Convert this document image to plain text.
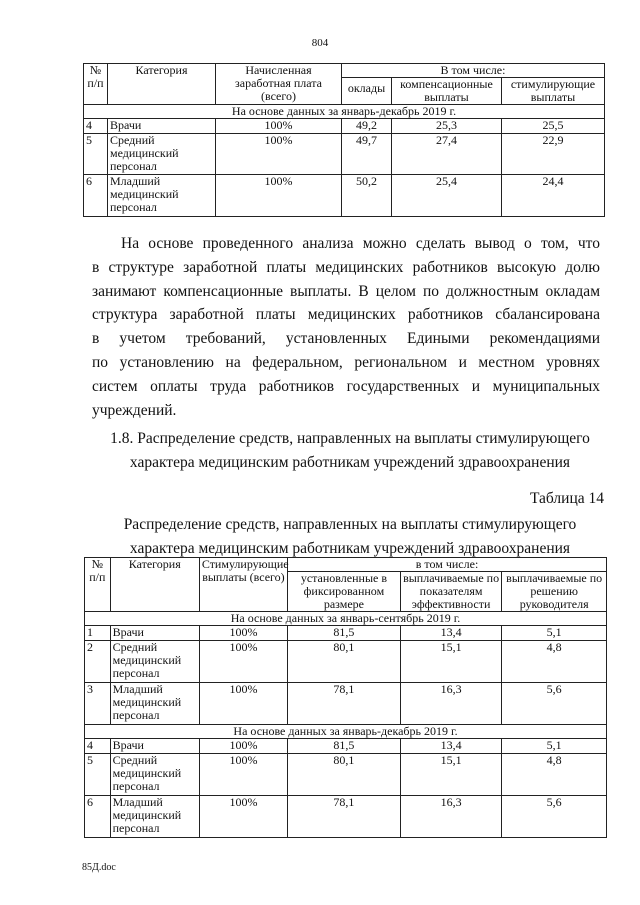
804
№ п/п	Категория	Начисленная заработная плата (всего)	В том числе:		
			оклады	компенсационные выплаты	стимулирующие выплаты
На основе данных за январь-декабрь 2019 г.					
4	Врачи	100%	49,2	25,3	25,5
5	Средний медицинский персонал	100%	49,7	27,4	22,9
6	Младший медицинский персонал	100%	50,2	25,4	24,4
На основе проведенного анализа можно сделать вывод о том, что
в структуре заработной платы медицинских работников высокую долю
занимают компенсационные выплаты. В целом по должностным окладам
структура заработной платы медицинских работников сбалансирована
в учетом требований, установленных Едиными рекомендациями
по установлению на федеральном, региональном и местном уровнях
систем оплаты труда работников государственных и муниципальных
учреждений.
1.8. Распределение средств, направленных на выплаты стимулирующего
характера медицинским работникам учреждений здравоохранения
Таблица 14
Распределение средств, направленных на выплаты стимулирующего
характера медицинским работникам учреждений здравоохранения
№ п/п	Категория	Стимулирующие выплаты (всего)	в том числе:		
			установленные в фиксированном размере	выплачиваемые по показателям эффективности	выплачиваемые по решению руководителя
На основе данных за январь-сентябрь 2019 г.					
1	Врачи	100%	81,5	13,4	5,1
2	Средний медицинский персонал	100%	80,1	15,1	4,8
3	Младший медицинский персонал	100%	78,1	16,3	5,6
На основе данных за январь-декабрь 2019 г.					
4	Врачи	100%	81,5	13,4	5,1
5	Средний медицинский персонал	100%	80,1	15,1	4,8
6	Младший медицинский персонал	100%	78,1	16,3	5,6
85Д.doc
